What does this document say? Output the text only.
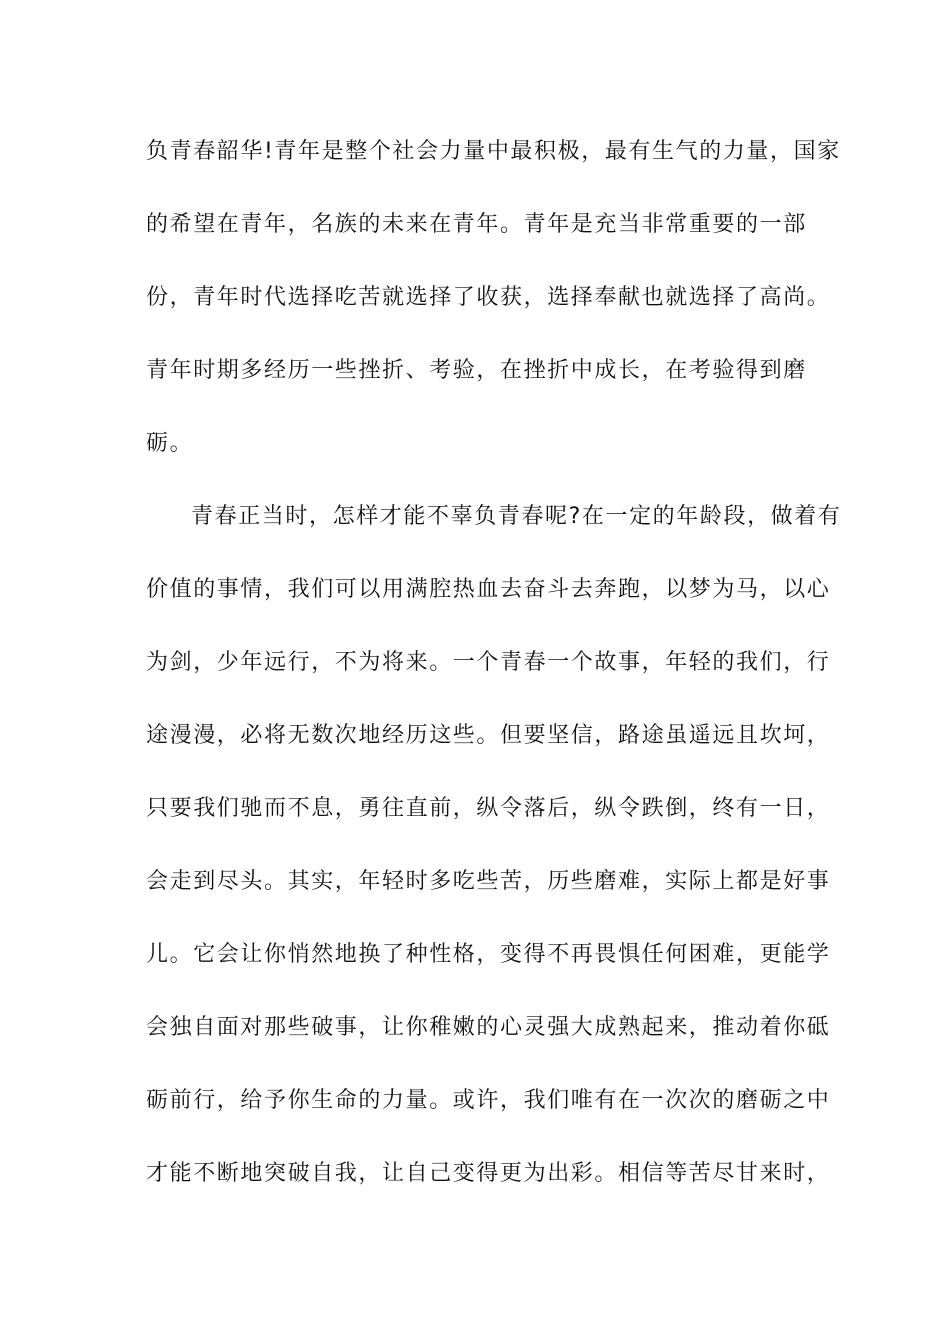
负青春韶华!青年是整个社会力量中最积极，最有生气的力量，国家
的希望在青年，名族的未来在青年。青年是充当非常重要的一部
份，青年时代选择吃苦就选择了收获，选择奉献也就选择了高尚。
青年时期多经历一些挫折、考验，在挫折中成长，在考验得到磨
砺。
青春正当时，怎样才能不辜负青春呢?在一定的年龄段，做着有
价值的事情，我们可以用满腔热血去奋斗去奔跑，以梦为马，以心
为剑，少年远行，不为将来。一个青春一个故事，年轻的我们，行
途漫漫，必将无数次地经历这些。但要坚信，路途虽遥远且坎坷，
只要我们驰而不息，勇往直前，纵令落后，纵令跌倒，终有一日，
会走到尽头。其实，年轻时多吃些苦，历些磨难，实际上都是好事
儿。它会让你悄然地换了种性格，变得不再畏惧任何困难，更能学
会独自面对那些破事，让你稚嫩的心灵强大成熟起来，推动着你砥
砺前行，给予你生命的力量。或许，我们唯有在一次次的磨砺之中
才能不断地突破自我，让自己变得更为出彩。相信等苦尽甘来时，
